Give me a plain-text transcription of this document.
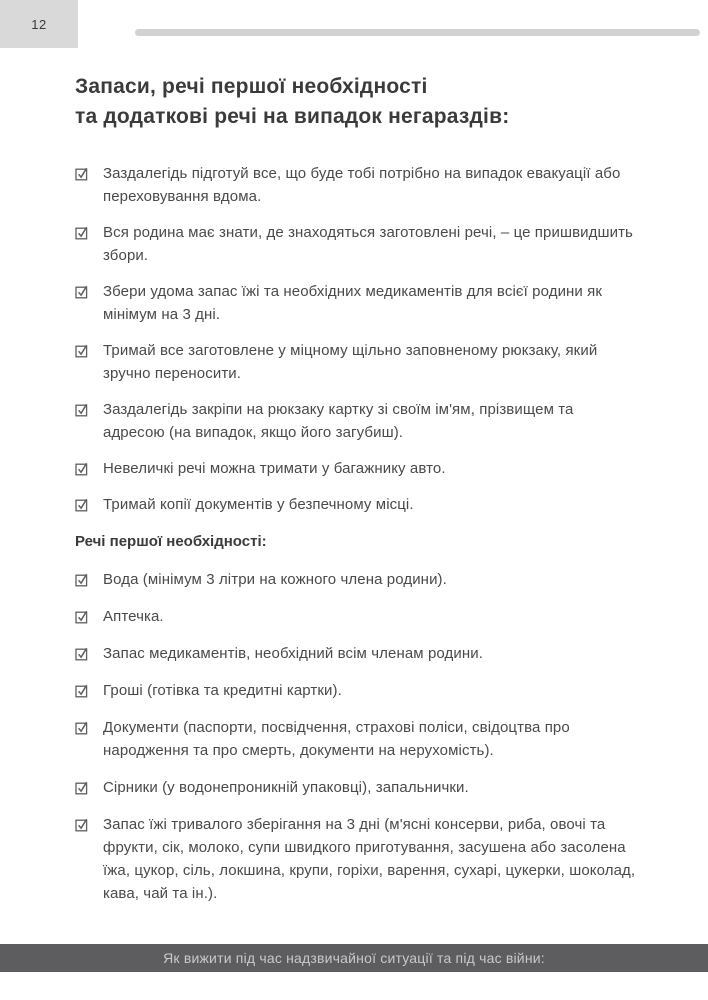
12
Запаси, речі першої необхідності
та додаткові речі на випадок негараздів:
Заздалегідь підготуй все, що буде тобі потрібно на випадок евакуації або переховування вдома.
Вся родина має знати, де знаходяться заготовлені речі, – це пришвидшить збори.
Збери удома запас їжі та необхідних медикаментів для всієї родини як мінімум на 3 дні.
Тримай все заготовлене у міцному щільно заповненому рюкзаку, який зручно переносити.
Заздалегідь закріпи на рюкзаку картку зі своїм ім'ям, прізвищем та адресою (на випадок, якщо його загубиш).
Невеличкі речі можна тримати у багажнику авто.
Тримай копії документів у безпечному місці.
Речі першої необхідності:
Вода (мінімум 3 літри на кожного члена родини).
Аптечка.
Запас медикаментів, необхідний всім членам родини.
Гроші (готівка та кредитні картки).
Документи (паспорти, посвідчення, страхові поліси, свідоцтва про народження та про смерть, документи на нерухомість).
Сірники (у водонепроникній упаковці), запальнички.
Запас їжі тривалого зберігання на 3 дні (м'ясні консерви, риба, овочі та фрукти, сік, молоко, супи швидкого приготування, засушена або засолена їжа, цукор, сіль, локшина, крупи, горіхи, варення, сухарі, цукерки, шоколад, кава, чай та ін.).
Як вижити під час надзвичайної ситуації та під час війни:
